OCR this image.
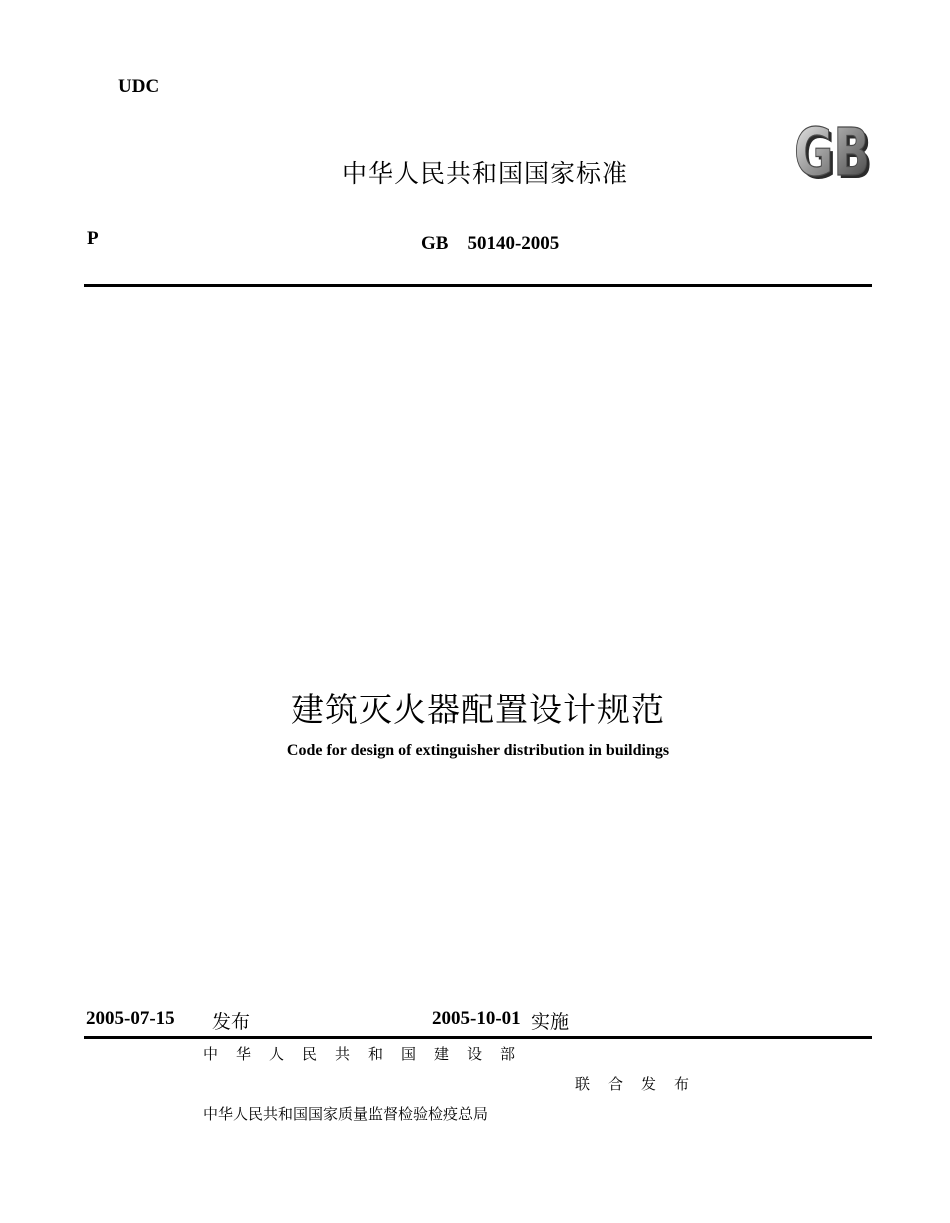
UDC
中华人民共和国国家标准	GB
GB
P	GB　50140-2005
建筑灭火器配置设计规范
Code for design of extinguisher distribution in buildings
2005-07-15 发布	2005-10-01 实施
中华人民共和国建设部
联合发布
中华人民共和国国家质量监督检验检疫总局
